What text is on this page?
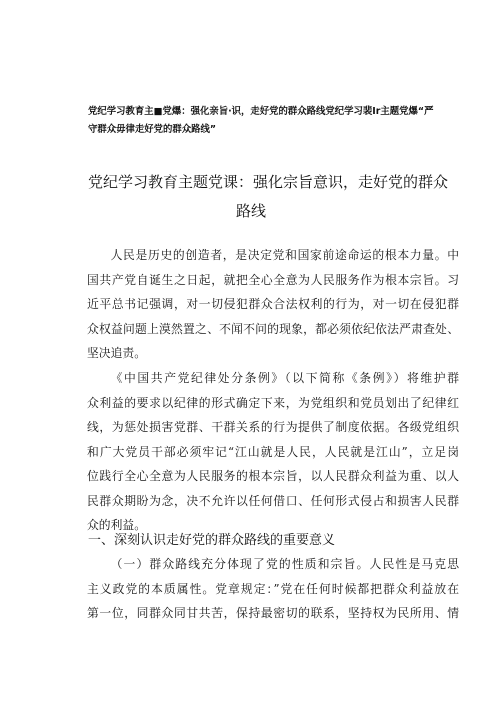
党纪学习教育主■党爆：强化亲旨·识，走好党的群众路线党纪学习裴Ir主题党爆“严
守群众毋律走好党的群众路线”
党纪学习教育主题党课：强化宗旨意识，走好党的群众
路线
人民是历史的创造者，是决定党和国家前途命运的根本力量。中
国共产党自诞生之日起，就把全心全意为人民服务作为根本宗旨。习
近平总书记强调，对一切侵犯群众合法权利的行为，对一切在侵犯群
众权益问题上漠然置之、不闻不问的现象，都必须依纪依法严肃查处、
坚决追责。
《中国共产党纪律处分条例》（以下简称《条例》）将维护群
众利益的要求以纪律的形式确定下来，为党组织和党员划出了纪律红
线，为惩处损害党群、干群关系的行为提供了制度依据。各级党组织
和广大党员干部必须牢记“江山就是人民，人民就是江山”，立足岗
位践行全心全意为人民服务的根本宗旨，以人民群众利益为重、以人
民群众期盼为念，决不允许以任何借口、任何形式侵占和损害人民群
众的利益。
一、深刻认识走好党的群众路线的重要意义
（一）群众路线充分体现了党的性质和宗旨。人民性是马克思
主义政党的本质属性。党章规定：”党在任何时候都把群众利益放在
第一位，同群众同甘共苦，保持最密切的联系，坚持权为民所用、情
